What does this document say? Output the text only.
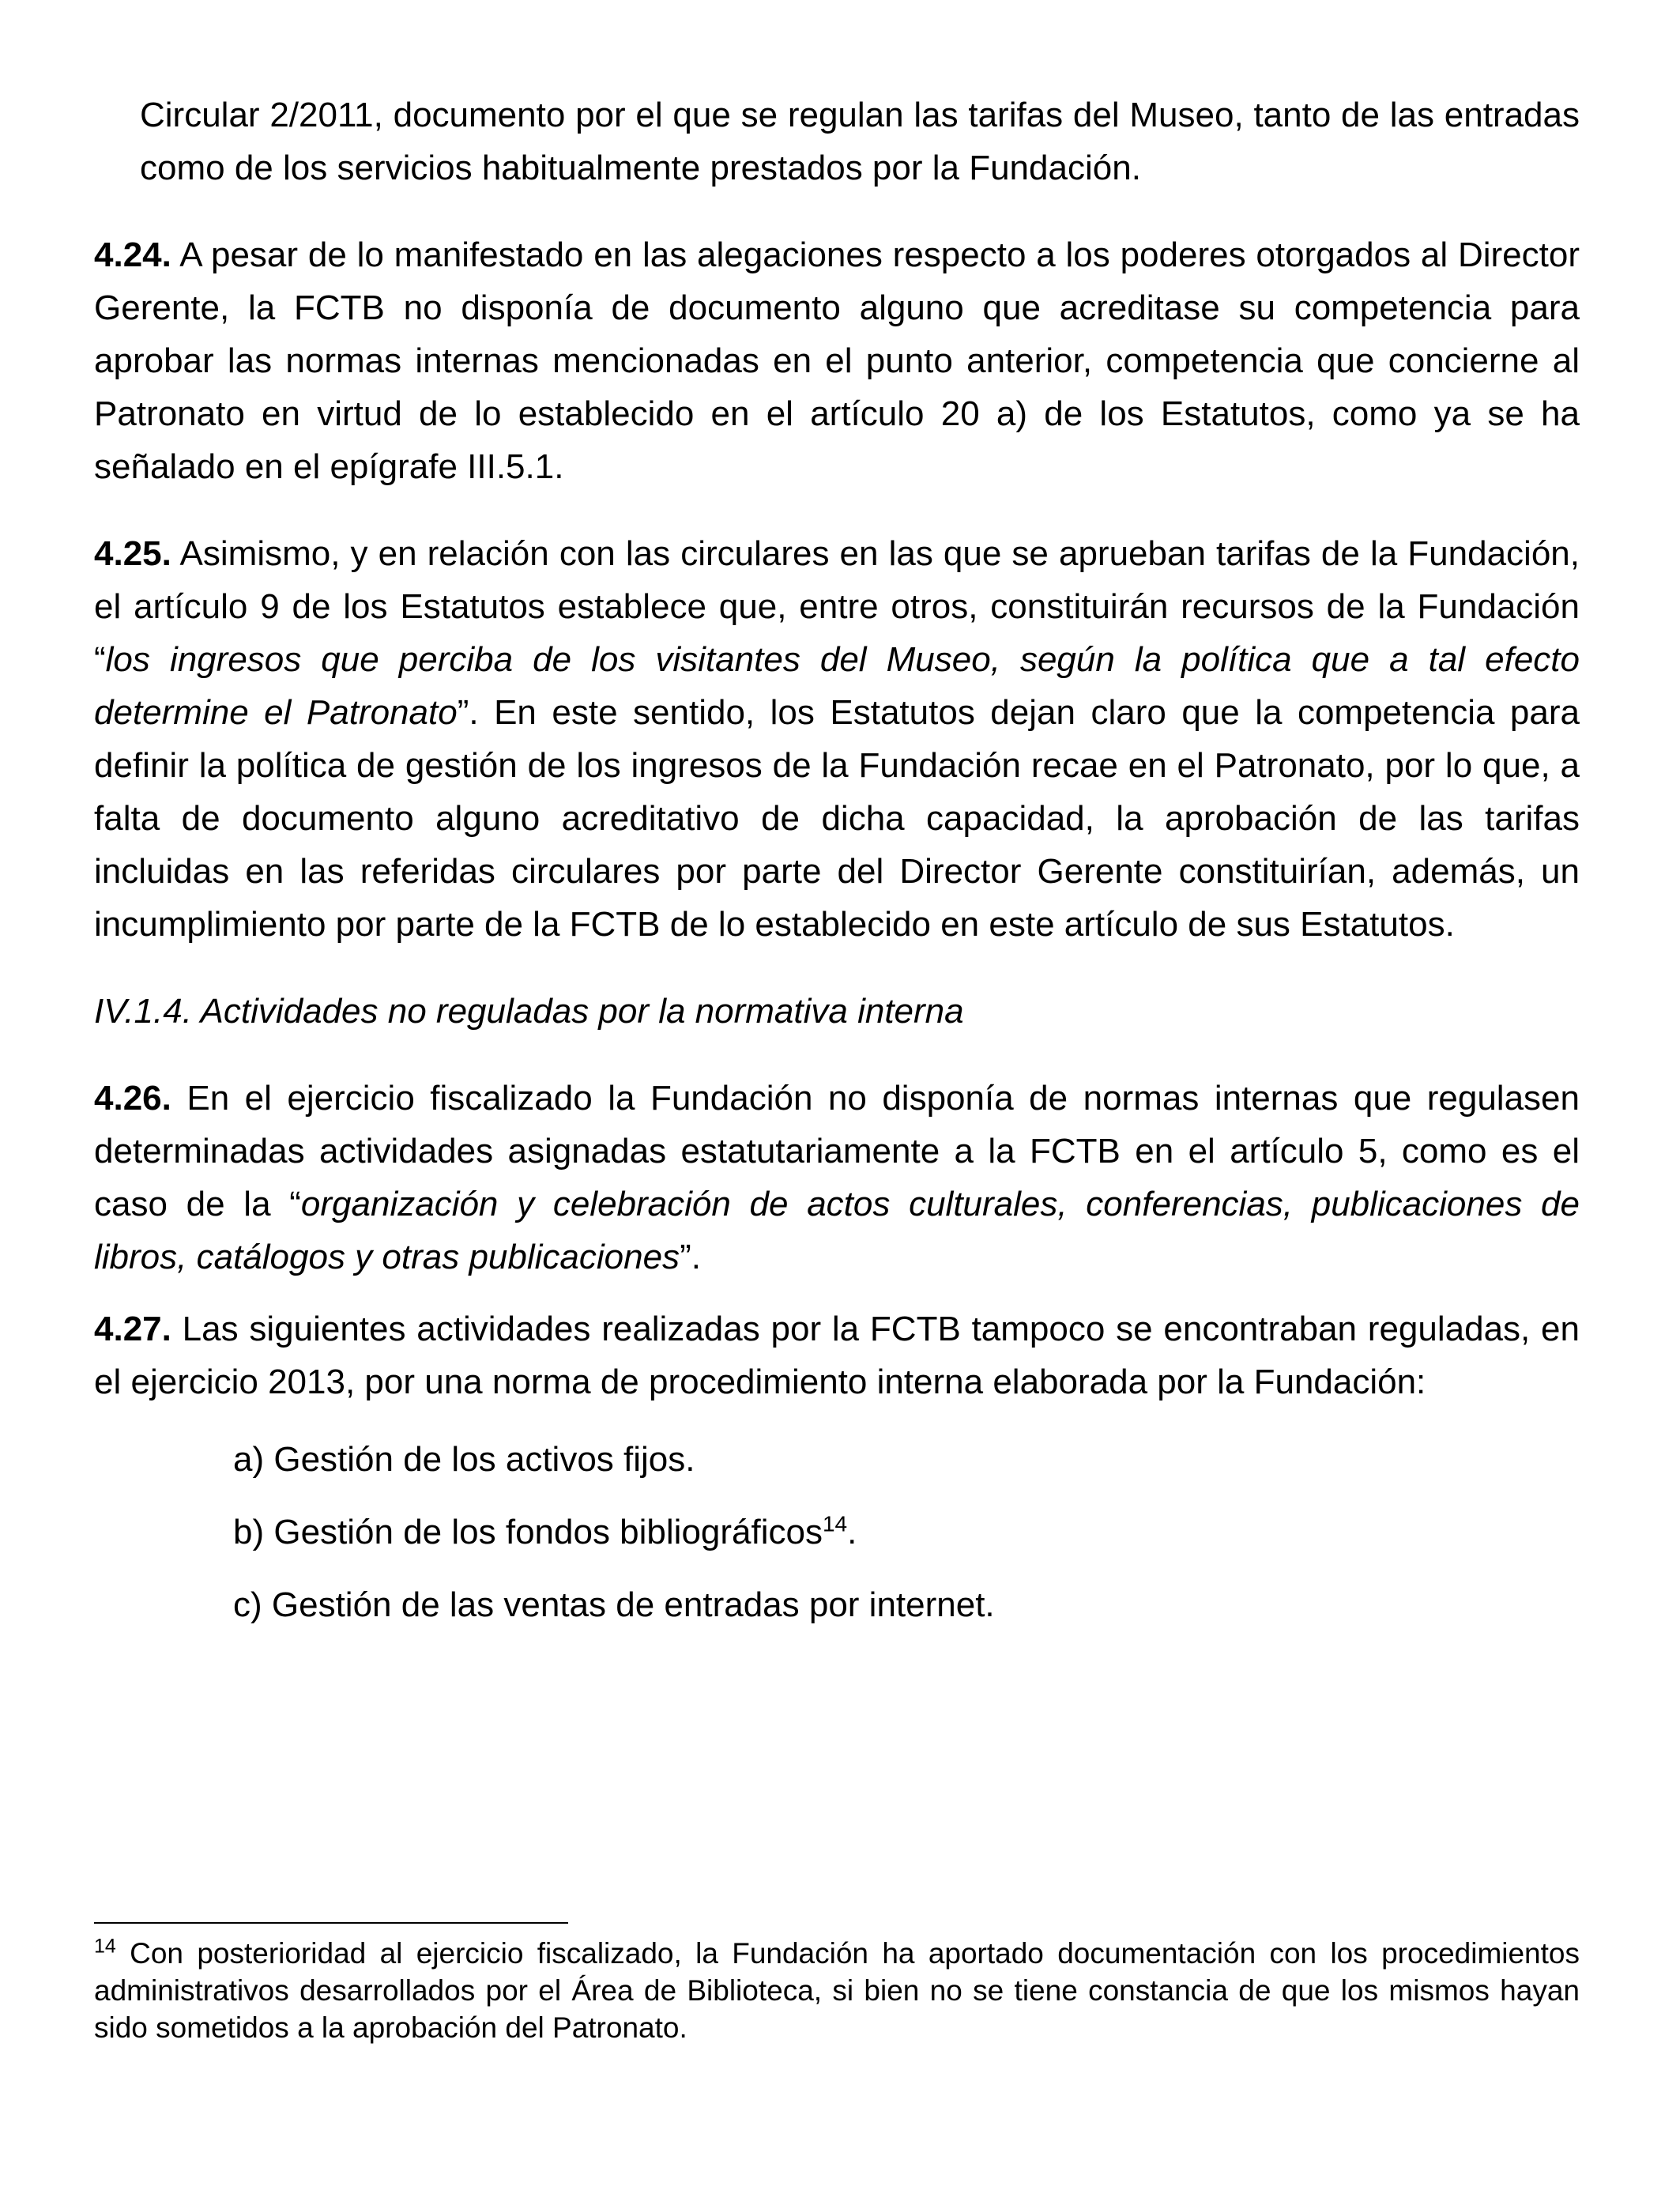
Circular 2/2011, documento por el que se regulan las tarifas del Museo, tanto de las entradas como de los servicios habitualmente prestados por la Fundación.

4.24. A pesar de lo manifestado en las alegaciones respecto a los poderes otorgados al Director Gerente, la FCTB no disponía de documento alguno que acreditase su competencia para aprobar las normas internas mencionadas en el punto anterior, competencia que concierne al Patronato en virtud de lo establecido en el artículo 20 a) de los Estatutos, como ya se ha señalado en el epígrafe III.5.1.

4.25. Asimismo, y en relación con las circulares en las que se aprueban tarifas de la Fundación, el artículo 9 de los Estatutos establece que, entre otros, constituirán recursos de la Fundación “los ingresos que perciba de los visitantes del Museo, según la política que a tal efecto determine el Patronato”. En este sentido, los Estatutos dejan claro que la competencia para definir la política de gestión de los ingresos de la Fundación recae en el Patronato, por lo que, a falta de documento alguno acreditativo de dicha capacidad, la aprobación de las tarifas incluidas en las referidas circulares por parte del Director Gerente constituirían, además, un incumplimiento por parte de la FCTB de lo establecido en este artículo de sus Estatutos.

IV.1.4. Actividades no reguladas por la normativa interna

4.26. En el ejercicio fiscalizado la Fundación no disponía de normas internas que regulasen determinadas actividades asignadas estatutariamente a la FCTB en el artículo 5, como es el caso de la “organización y celebración de actos culturales, conferencias, publicaciones de libros, catálogos y otras publicaciones”.

4.27. Las siguientes actividades realizadas por la FCTB tampoco se encontraban reguladas, en el ejercicio 2013, por una norma de procedimiento interna elaborada por la Fundación:

a) Gestión de los activos fijos.
b) Gestión de los fondos bibliográficos$^{14}$.
c) Gestión de las ventas de entradas por internet.

$^{14}$ Con posterioridad al ejercicio fiscalizado, la Fundación ha aportado documentación con los procedimientos administrativos desarrollados por el Área de Biblioteca, si bien no se tiene constancia de que los mismos hayan sido sometidos a la aprobación del Patronato.
